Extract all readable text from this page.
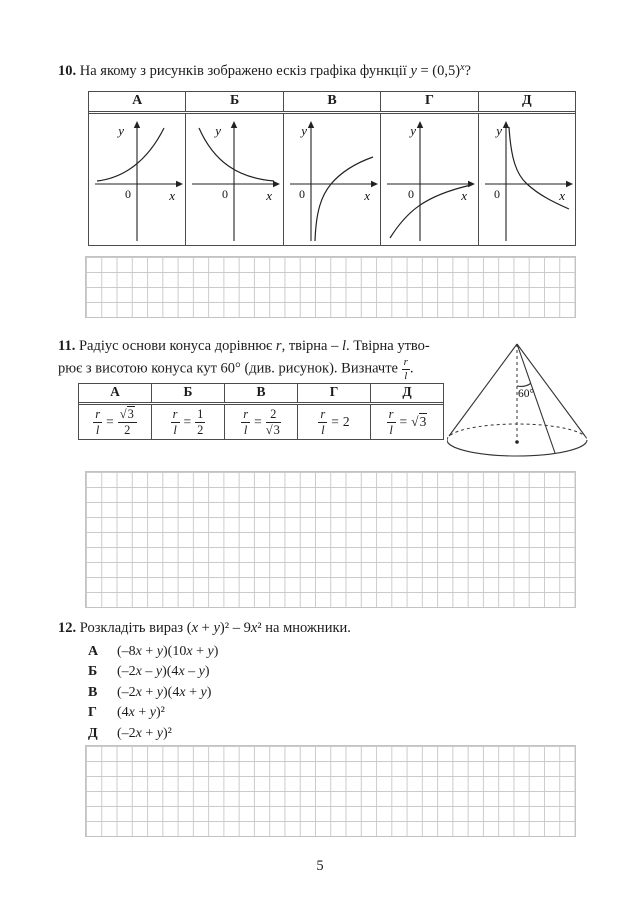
10. На якому з рисунків зображено ескіз графіка функції $y = (0,5)^x$?
А	Б	В	Г	Д
y
x
0
y
x
0
y
x
0
y
x
0
y
x
0
11. Радіус основи конуса дорівнює r, твірна – l. Твірна утво-
рює з висотою конуса кут 60° (див. рисунок). Визначте $\frac{r}{l}$ .
60°
А	Б	В	Г	Д
$\frac{r}{l} = \frac{√3}{2}$	$\frac{r}{l} = \frac{1}{2}$	$\frac{r}{l} = \frac{2}{√3}$	$\frac{r}{l} = 2$	$\frac{r}{l} = √3$
12. Розкладіть вираз (x + y)² – 9x² на множники.
А (–8x + y)(10x + y)
Б (–2x – y)(4x – y)
В (–2x + y)(4x + y)
Г (4x + y)²
Д (–2x + y)²
5
